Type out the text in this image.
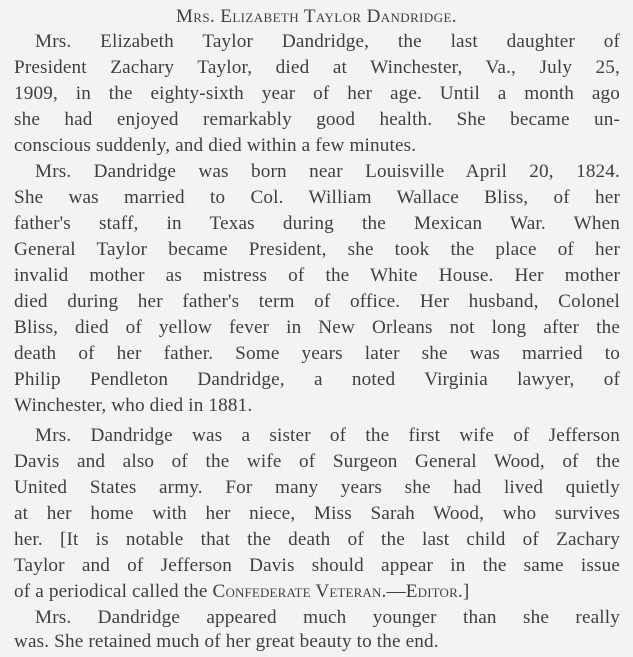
Mrs. Elizabeth Taylor Dandridge.
Mrs. Elizabeth Taylor Dandridge, the last daughter of
President Zachary Taylor, died at Winchester, Va., July 25,
1909, in the eighty-sixth year of her age. Until a month ago
she had enjoyed remarkably good health. She became un-
conscious suddenly, and died within a few minutes.
Mrs. Dandridge was born near Louisville April 20, 1824.
She was married to Col. William Wallace Bliss, of her
father's staff, in Texas during the Mexican War. When
General Taylor became President, she took the place of her
invalid mother as mistress of the White House. Her mother
died during her father's term of office. Her husband, Colonel
Bliss, died of yellow fever in New Orleans not long after the
death of her father. Some years later she was married to
Philip Pendleton Dandridge, a noted Virginia lawyer, of
Winchester, who died in 1881.
Mrs. Dandridge was a sister of the first wife of Jefferson
Davis and also of the wife of Surgeon General Wood, of the
United States army. For many years she had lived quietly
at her home with her niece, Miss Sarah Wood, who survives
her. [It is notable that the death of the last child of Zachary
Taylor and of Jefferson Davis should appear in the same issue
of a periodical called the Confederate Veteran.—Editor.]
Mrs. Dandridge appeared much younger than she really
was. She retained much of her great beauty to the end.
